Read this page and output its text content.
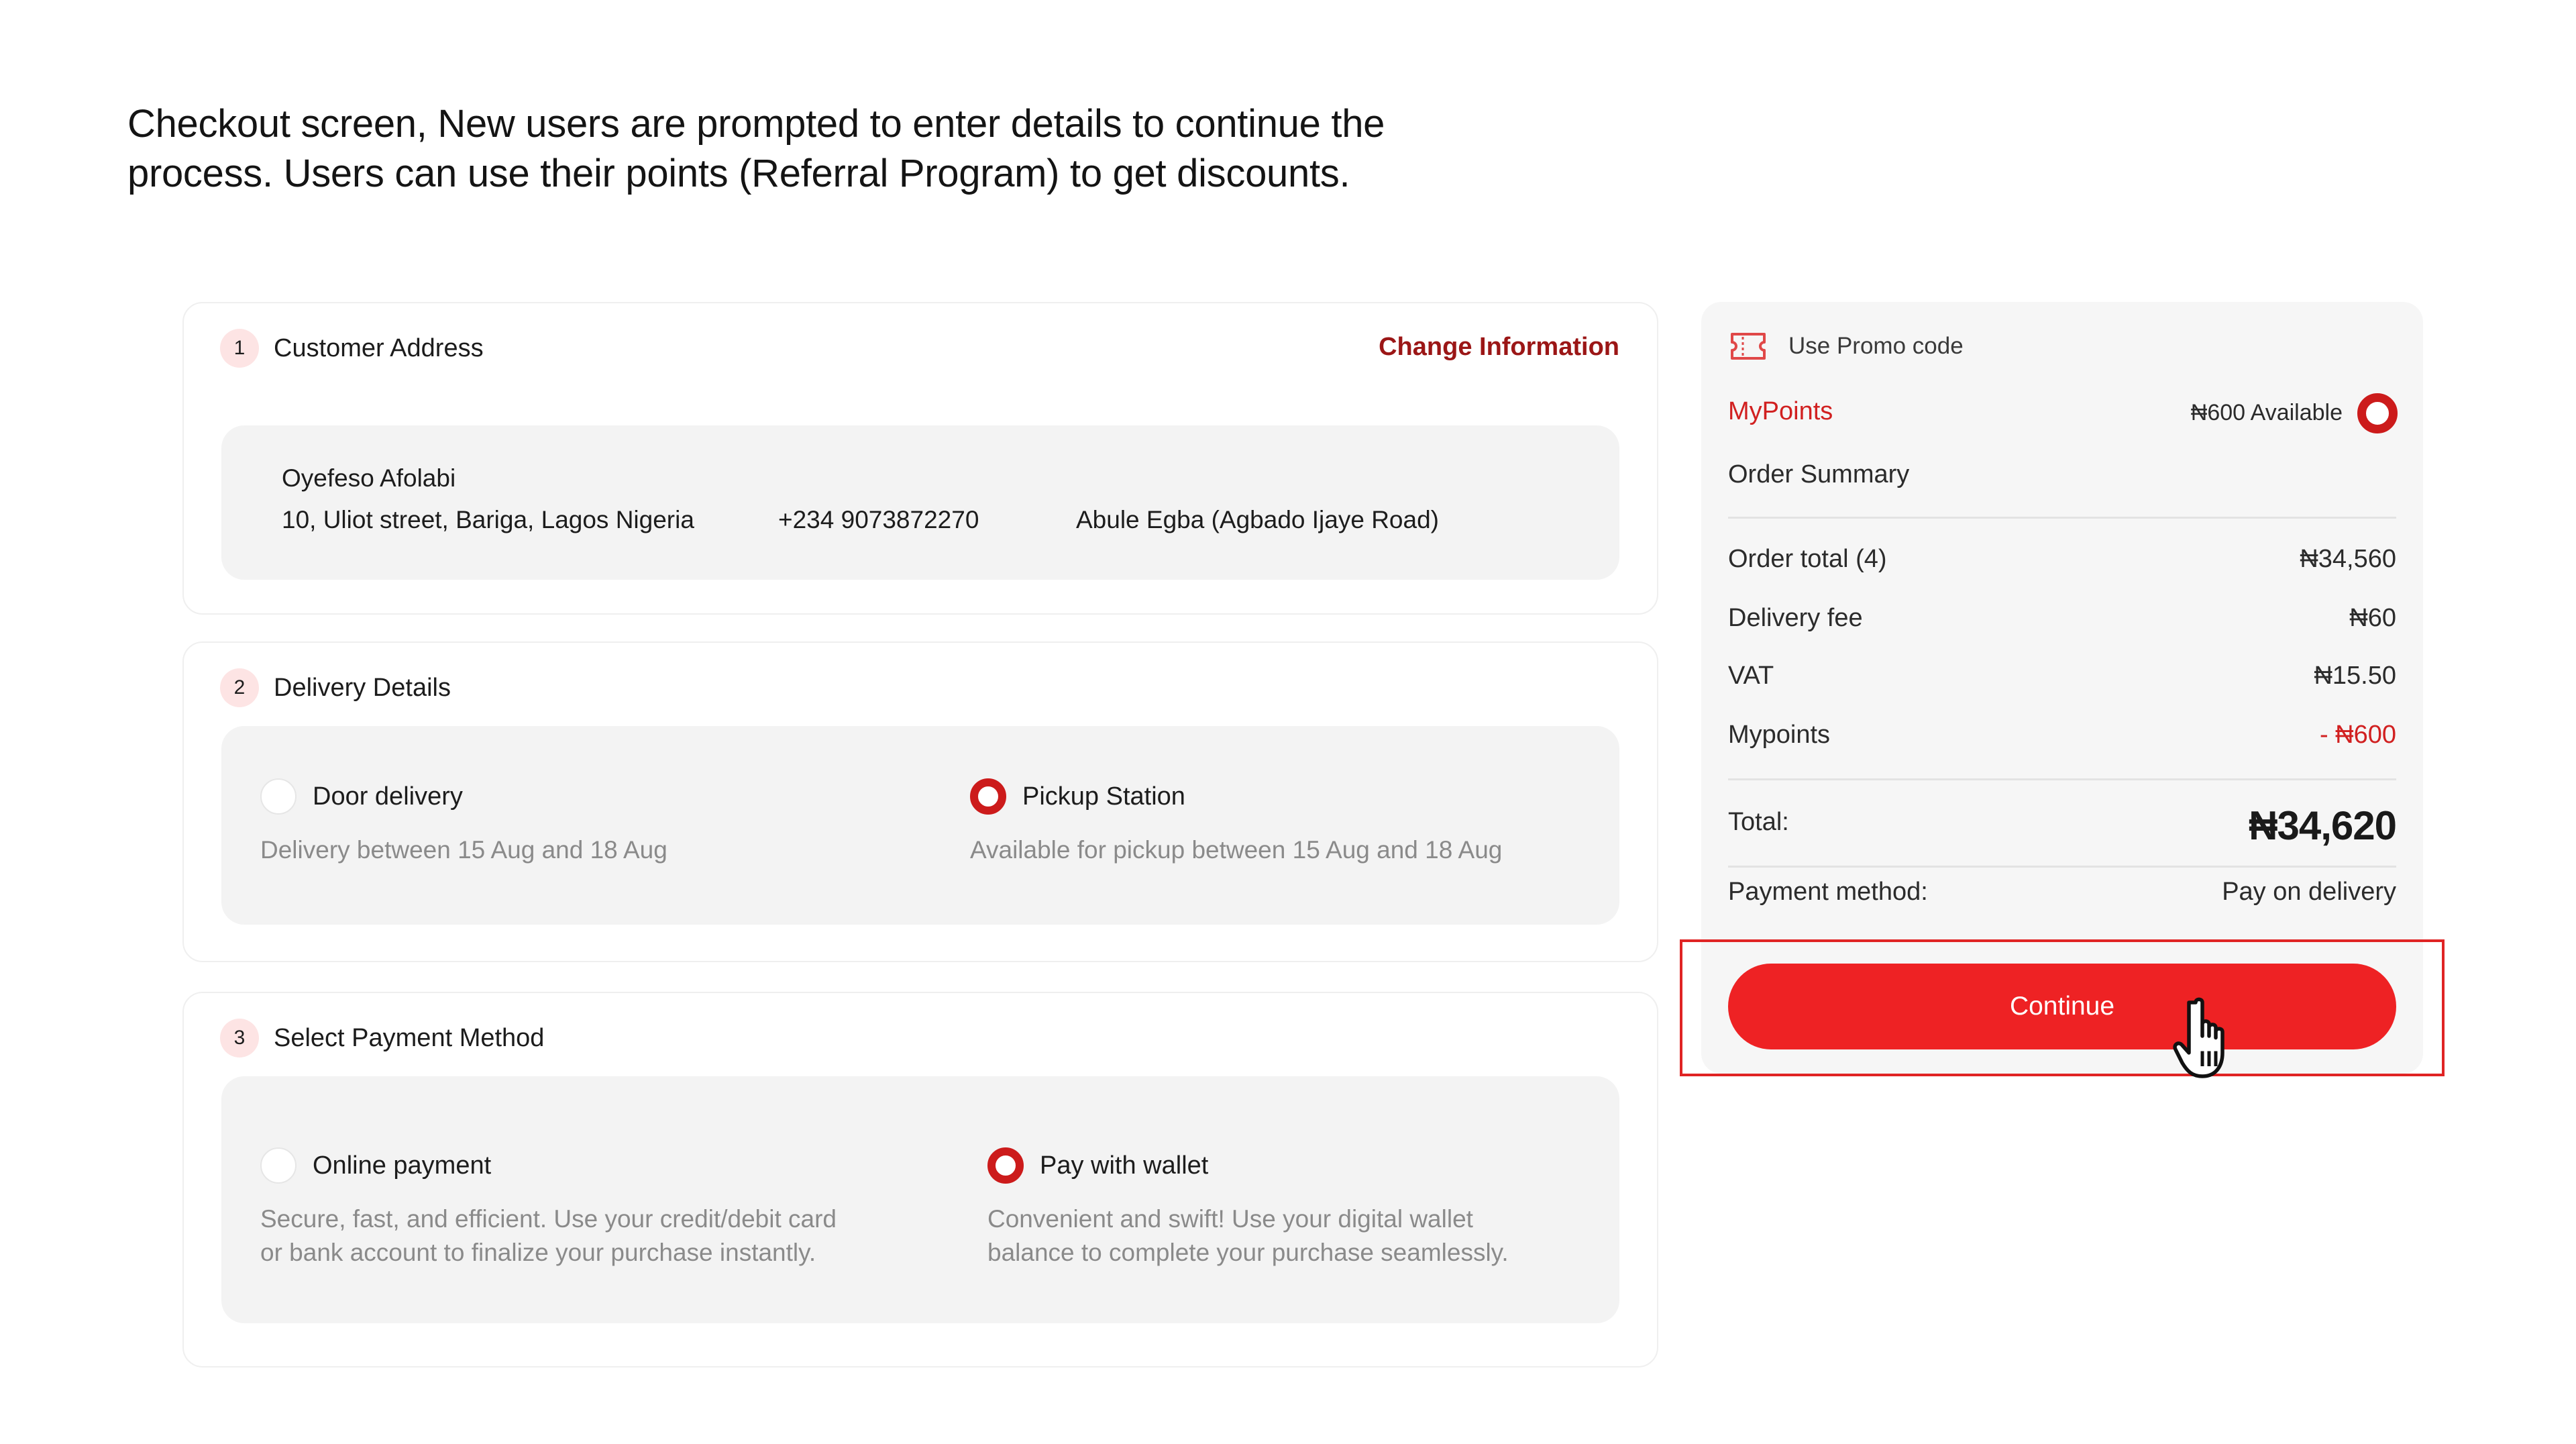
Checkout screen, New users are prompted to enter details to continue the
process. Users can use their points (Referral Program) to get discounts.
1	Customer Address	Change Information
Oyefeso Afolabi
10, Uliot street, Bariga, Lagos Nigeria	+234 9073872270	Abule Egba (Agbado Ijaye Road)
2	Delivery Details
Door delivery
Delivery between 15 Aug and 18 Aug
Pickup Station
Available for pickup between 15 Aug and 18 Aug
3	Select Payment Method
Online payment
Secure, fast, and efficient. Use your credit/debit card
or bank account to finalize your purchase instantly.
Pay with wallet
Convenient and swift! Use your digital wallet
balance to complete your purchase seamlessly.
Use Promo code
MyPoints	₦600 Available
Order Summary
Order total (4)	₦34,560
Delivery fee	₦60
VAT	₦15.50
Mypoints	- ₦600
Total:	₦34,620
Payment method:	Pay on delivery
Continue
